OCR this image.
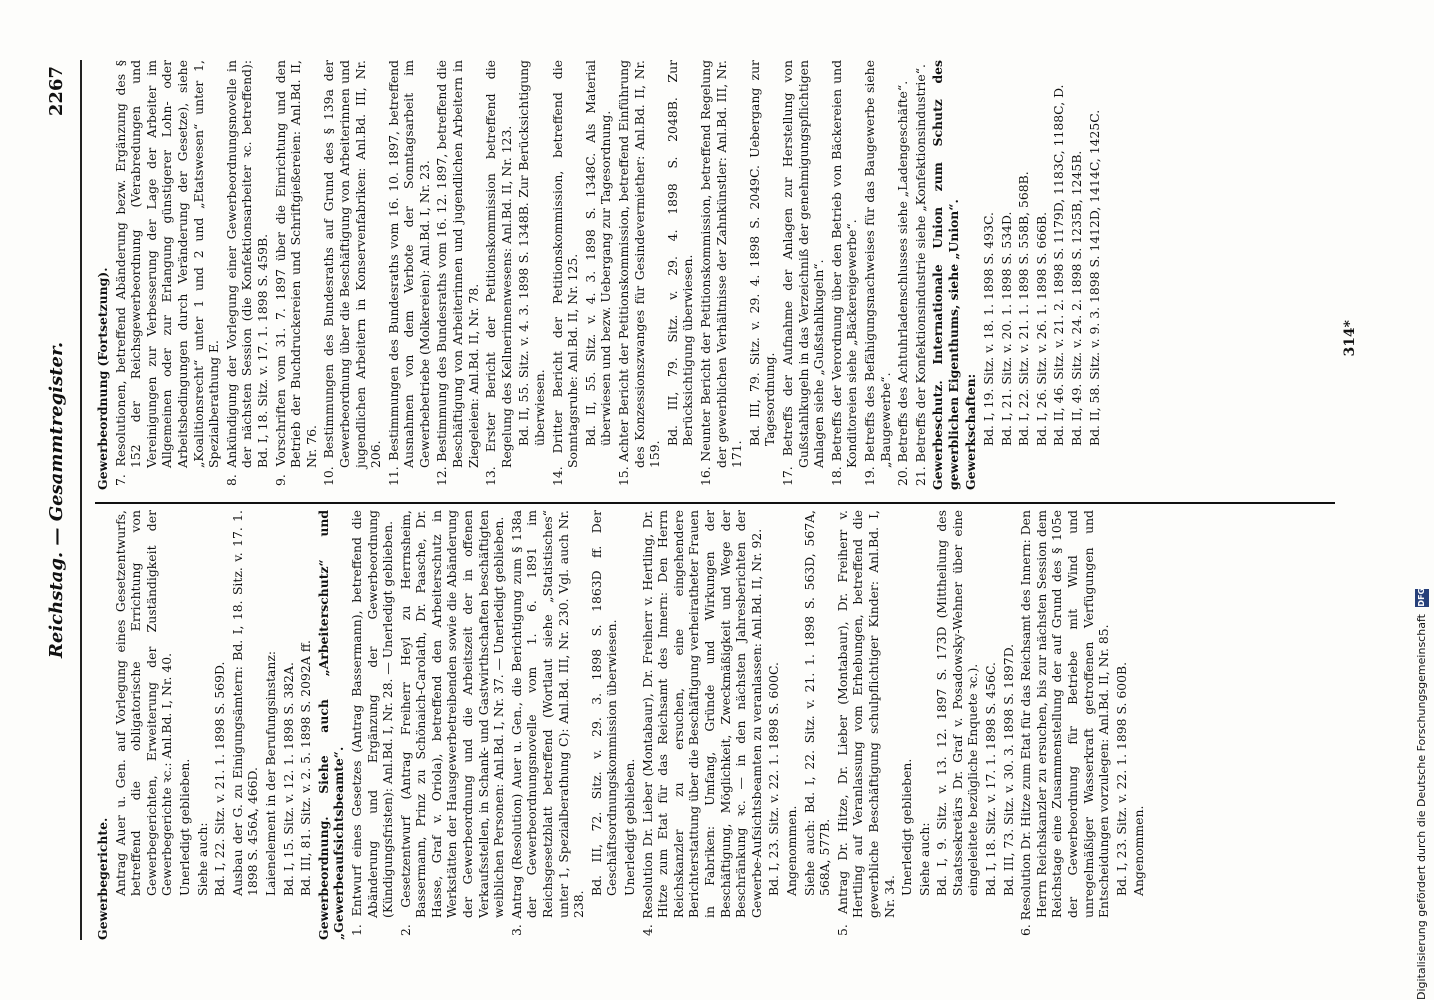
Reichstag. — Gesammtregister.
2267

Gewerbegerichte. Antrag Auer u. Gen. auf Vorlegung eines Gesetzentwurfs, betreffend die obligatorische Errichtung von Gewerbegerichten, Erweiterung der Zuständigkeit der Gewerbegerichte ꝛc.: Anl.Bd. I, Nr. 40. Unerledigt geblieben. Siehe auch: Bd. I, 22. Sitz. v. 21. 1. 1898 S. 569D. Ausbau der G. zu Einigungsämtern: Bd. I, 18. Sitz. v. 17. 1. 1898 S. 456A, 466D. Laienelement in der Berufungsinstanz: Bd. I, 15. Sitz. v. 12. 1. 1898 S. 382A. Bd. III, 81. Sitz. v. 2. 5. 1898 S. 2092A ff. Gewerbeordnung. Siehe auch „Arbeiterschutz“ und „Gewerbeaufsichtsbeamte“. 1. Entwurf eines Gesetzes (Antrag Bassermann), betreffend die Abänderung und Ergänzung der Gewerbeordnung (Kündigungsfristen): Anl.Bd. I, Nr. 28. — Unerledigt geblieben. 2. Gesetzentwurf (Antrag Freiherr Heyl zu Herrnsheim, Bassermann, Prinz zu Schönaich-Carolath, Dr. Paasche, Dr. Hasse, Graf v. Oriola), betreffend den Arbeiterschutz in Werkstätten der Hausgewerbetreibenden sowie die Abänderung der Gewerbeordnung und die Arbeitszeit der in offenen Verkaufsstellen, in Schank- und Gastwirthschaften beschäftigten weiblichen Personen: Anl.Bd. I, Nr. 37. — Unerledigt geblieben. 3. Antrag (Resolution) Auer u. Gen., die Berichtigung zum § 138a der Gewerbeordnungsnovelle vom 1. 6. 1891 im Reichsgesetzblatt betreffend (Wortlaut siehe „Statistisches“ unter 1, Spezialberathung C): Anl.Bd. III, Nr. 230. Vgl. auch Nr. 238.

Bd. III, 72. Sitz. v. 29. 3. 1898 S. 1863D ff. Der Geschäftsordnungskommission überwiesen. Unerledigt geblieben. 4. Resolution Dr. Lieber (Montabaur), Dr. Freiherr v. Hertling, Dr. Hitze zum Etat für das Reichsamt des Innern: Den Herrn Reichskanzler zu ersuchen, eine eingehendere Berichterstattung über die Beschäftigung verheiratheter Frauen in Fabriken: Umfang, Gründe und Wirkungen der Beschäftigung, Möglichkeit, Zweckmäßigkeit und Wege der Beschränkung ꝛc. — in den nächsten Jahresberichten der Gewerbe-Aufsichtsbeamten zu veranlassen: Anl.Bd. II, Nr. 92. Bd. I, 23. Sitz. v. 22. 1. 1898 S. 600C. Angenommen. Siehe auch: Bd. I, 22. Sitz. v. 21. 1. 1898 S. 563D, 567A, 568A, 577B. 5. Antrag Dr. Hitze, Dr. Lieber (Montabaur), Dr. Freiherr v. Hertling auf Veranlassung vom Erhebungen, betreffend die gewerbliche Beschäftigung schulpflichtiger Kinder: Anl.Bd. I, Nr. 34.

Unerledigt geblieben. Siehe auch: Bd. I, 9. Sitz. v. 13. 12. 1897 S. 173D (Mittheilung des Staatssekretärs Dr. Graf v. Posadowsky-Wehner über eine eingeleitete bezügliche Enquete ꝛc.). Bd. I, 18. Sitz. v. 17. 1. 1898 S. 456C. Bd. III, 73. Sitz. v. 30. 3. 1898 S. 1897D. 6. Resolution Dr. Hitze zum Etat für das Reichsamt des Innern: Den Herrn Reichskanzler zu ersuchen, bis zur nächsten Session dem Reichstage eine Zusammenstellung der auf Grund des § 105e der Gewerbeordnung für Betriebe mit Wind und unregelmäßiger Wasserkraft getroffenen Verfügungen und Entscheidungen vorzulegen: Anl.Bd. II, Nr. 85. Bd. I, 23. Sitz. v. 22. 1. 1898 S. 600B. Angenommen.

Gewerbeordnung (Fortsetzung). 7. Resolutionen, betreffend Abänderung bezw. Ergänzung des § 152 der Reichsgewerbeordnung (Verabredungen und Vereinigungen zur Verbesserung der Lage der Arbeiter im Allgemeinen oder zur Erlangung günstigerer Lohn- oder Arbeitsbedingungen durch Veränderung der Gesetze), siehe „Koalitionsrecht“ unter 1 und 2 und „Etatswesen“ unter 1, Spezialberathung E. 8. Ankündigung der Vorlegung einer Gewerbeordnungsnovelle in der nächsten Session (die Konfektionsarbeiter ꝛc. betreffend): Bd. I, 18. Sitz. v. 17. 1. 1898 S. 459B. 9. Vorschriften vom 31. 7. 1897 über die Einrichtung und den Betrieb der Buchdruckereien und Schriftgießereien: Anl.Bd. II, Nr. 76. 10. Bestimmungen des Bundesraths auf Grund des § 139a der Gewerbeordnung über die Beschäftigung von Arbeiterinnen und jugendlichen Arbeitern in Konservenfabriken: Anl.Bd. III, Nr. 206. 11. Bestimmungen des Bundesraths vom 16. 10. 1897, betreffend Ausnahmen von dem Verbote der Sonntagsarbeit im Gewerbebetriebe (Molkereien): Anl.Bd. I, Nr. 23. 12. Bestimmung des Bundesraths vom 16. 12. 1897, betreffend die Beschäftigung von Arbeiterinnen und jugendlichen Arbeitern in Ziegeleien: Anl.Bd. II, Nr. 78. 13. Erster Bericht der Petitionskommission betreffend die Regelung des Kellnerinnenwesens: Anl.Bd. II, Nr. 123. Bd. II, 55. Sitz. v. 4. 3. 1898 S. 1348B. Zur Berücksichtigung überwiesen. 14. Dritter Bericht der Petitionskommission, betreffend die Sonntagsruhe: Anl.Bd. II, Nr. 125. Bd. II, 55. Sitz. v. 4. 3. 1898 S. 1348C. Als Material überwiesen und bezw. Uebergang zur Tagesordnung. 15. Achter Bericht der Petitionskommission, betreffend Einführung des Konzessionszwanges für Gesindevermiether: Anl.Bd. II, Nr. 159.

Bd. III, 79. Sitz. v. 29. 4. 1898 S. 2048B. Zur Berücksichtigung überwiesen. 16. Neunter Bericht der Petitionskommission, betreffend Regelung der gewerblichen Verhältnisse der Zahnkünstler: Anl.Bd. III, Nr. 171.

Bd. III, 79. Sitz. v. 29. 4. 1898 S. 2049C. Uebergang zur Tagesordnung. 17. Betreffs der Aufnahme der Anlagen zur Herstellung von Gußstahlkugeln in das Verzeichniß der genehmigungspflichtigen Anlagen siehe „Gußstahlkugeln“. 18. Betreffs der Verordnung über den Betrieb von Bäckereien und Konditoreien siehe „Bäckereigewerbe“. 19. Betreffs des Befähigungsnachweises für das Baugewerbe siehe „Baugewerbe“. 20. Betreffs des Achtuhrladenschlusses siehe „Ladengeschäfte“. 21. Betreffs der Konfektionsindustrie siehe „Konfektionsindustrie“. Gewerbeschutz. Internationale Union zum Schutz des gewerblichen Eigenthums, siehe „Union“. Gewerkschaften: Bd. I, 19. Sitz. v. 18. 1. 1898 S. 493C. Bd. I, 21. Sitz. v. 20. 1. 1898 S. 534D. Bd. I, 22. Sitz. v. 21. 1. 1898 S. 558B, 568B. Bd. I, 26. Sitz. v. 26. 1. 1898 S. 666B. Bd. II, 46. Sitz. v. 21. 2. 1898 S. 1179D, 1183C, 1188C, D. Bd. II, 49. Sitz. v. 24. 2. 1898 S. 1235B, 1245B. Bd. II, 58. Sitz. v. 9. 3. 1898 S. 1412D, 1414C, 1425C.	314*
Digitalisierung gefördert durch die Deutsche Forschungsgemeinschaft DFG
